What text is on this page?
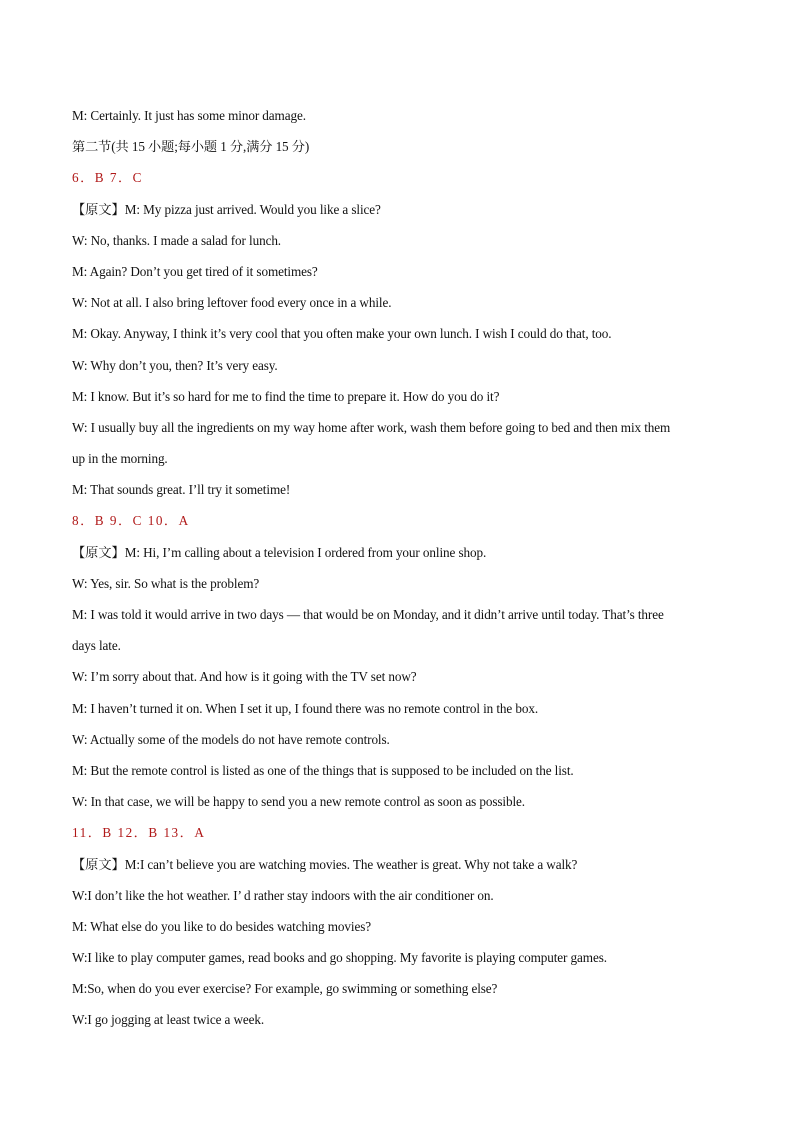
M: Certainly. It just has some minor damage.
第二节(共 15 小题;每小题 1 分,满分 15 分)
6．B 7．C
【原文】M: My pizza just arrived. Would you like a slice?
W: No, thanks. I made a salad for lunch.
M: Again? Don’t you get tired of it sometimes?
W: Not at all. I also bring leftover food every once in a while.
M: Okay. Anyway, I think it’s very cool that you often make your own lunch. I wish I could do that, too.
W: Why don’t you, then? It’s very easy.
M: I know. But it’s so hard for me to find the time to prepare it. How do you do it?
W: I usually buy all the ingredients on my way home after work, wash them before going to bed and then mix them
up in the morning.
M: That sounds great. I’ll try it sometime!
8．B 9．C 10．A
【原文】M: Hi, I’m calling about a television I ordered from your online shop.
W: Yes, sir. So what is the problem?
M: I was told it would arrive in two days — that would be on Monday, and it didn’t arrive until today. That’s three
days late.
W: I’m sorry about that. And how is it going with the TV set now?
M: I haven’t turned it on. When I set it up, I found there was no remote control in the box.
W: Actually some of the models do not have remote controls.
M: But the remote control is listed as one of the things that is supposed to be included on the list.
W: In that case, we will be happy to send you a new remote control as soon as possible.
11．B 12．B 13．A
【原文】M:I can’t believe you are watching movies. The weather is great. Why not take a walk?
W:I don’t like the hot weather. I’ d rather stay indoors with the air conditioner on.
M: What else do you like to do besides watching movies?
W:I like to play computer games, read books and go shopping. My favorite is playing computer games.
M:So, when do you ever exercise? For example, go swimming or something else?
W:I go jogging at least twice a week.
